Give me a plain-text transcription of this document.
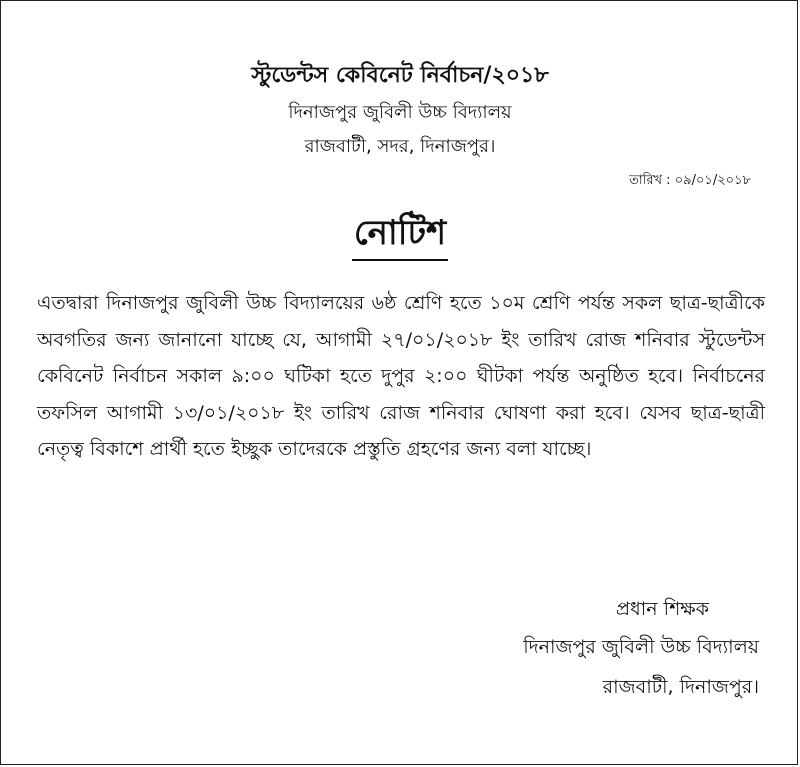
স্টুডেন্টস কেবিনেট নির্বাচন/২০১৮
দিনাজপুর জুবিলী উচ্চ বিদ্যালয়
রাজবাটী, সদর, দিনাজপুর।
তারিখ : ০৯/০১/২০১৮
নোটিশ
এতদ্বারা দিনাজপুর জুবিলী উচ্চ বিদ্যালয়ের ৬ষ্ঠ শ্রেণি হতে ১০ম শ্রেণি পর্যন্ত সকল ছাত্র-ছাত্রীকে অবগতির জন্য জানানো যাচ্ছে যে, আগামী ২৭/০১/২০১৮ ইং তারিখ রোজ শনিবার স্টুডেন্টস কেবিনেট নির্বাচন সকাল ৯:০০ ঘটিকা হতে দুপুর ২:০০ ঘীটকা পর্যন্ত অনুষ্ঠিত হবে। নির্বাচনের তফসিল আগামী ১৩/০১/২০১৮ ইং তারিখ রোজ শনিবার ঘোষণা করা হবে। যেসব ছাত্র-ছাত্রী নেতৃত্ব বিকাশে প্রার্থী হতে ইচ্ছুক তাদেরকে প্রস্তুতি গ্রহণের জন্য বলা যাচ্ছে।
প্রধান শিক্ষক
দিনাজপুর জুবিলী উচ্চ বিদ্যালয়
রাজবাটী, দিনাজপুর।
